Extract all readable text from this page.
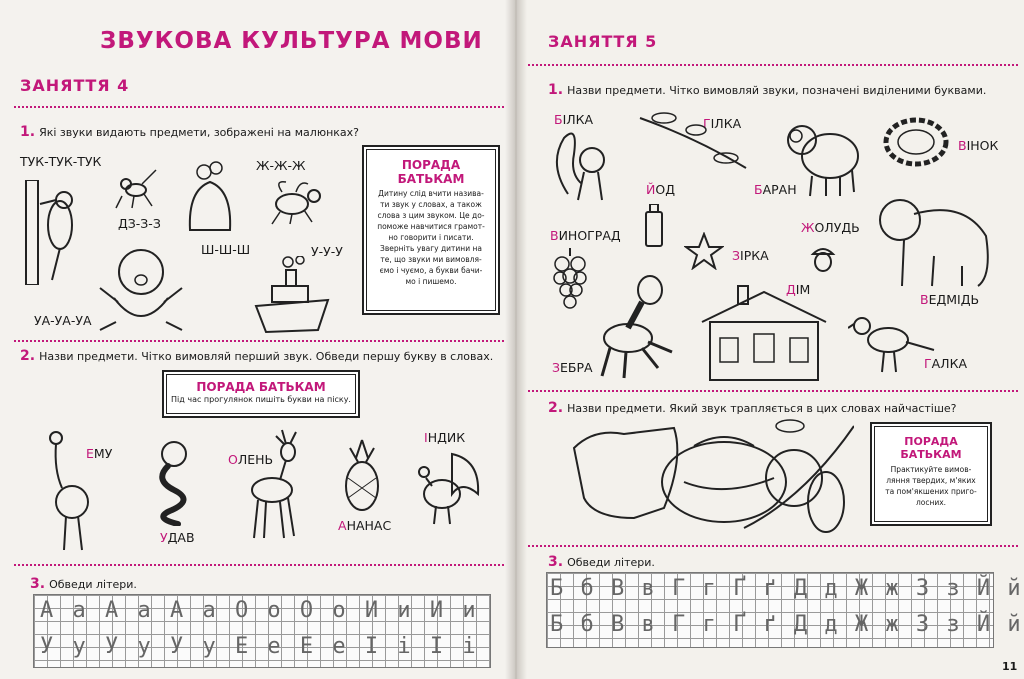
ЗВУКОВА КУЛЬТУРА МОВИ
ЗАНЯТТЯ 4
1. Які звуки видають предмети, зображені на малюнках?
ТУК-ТУК-ТУК
ДЗ-З-З
Ш-Ш-Ш
Ж-Ж-Ж
У-У-У
УА-УА-УА
ПОРАДА
БАТЬКАМ
Дитину слід вчити назива-
ти звук у словах, а також
слова з цим звуком. Це до-
поможе навчитися грамот-
но говорити і писати.
Зверніть увагу дитини на
те, що звуки ми вимовля-
ємо і чуємо, а букви бачи-
мо і пишемо.
2. Назви предмети. Чітко вимовляй перший звук. Обведи першу букву в словах.
ПОРАДА БАТЬКАМ
Під час прогулянок пишіть букви на піску.
ЕМУ
УДАВ
ОЛЕНЬ
АНАНАС
ІНДИК
3. Обведи літери.
А а А а А а О о О о И и И и
У у У у У у Е е Е е І і І і
ЗАНЯТТЯ 5
1. Назви предмети. Чітко вимовляй звуки, позначені виділеними буквами.
БІЛКА	ГІЛКА
ВІНОК
ЙОД	БАРАН
ЖОЛУДЬ
ВИНОГРАД
ЗІРКА
ДІМ
ВЕДМІДЬ
ЗЕБРА	ГАЛКА
2. Назви предмети. Який звук трапляється в цих словах найчастіше?
ПОРАДА
БАТЬКАМ
Практикуйте вимов-
ляння твердих, м'яких
та пом'якшених приго-
лосних.
3. Обведи літери.
Б б В в Г г Ґ ґ Д д Ж ж З з Й й
Б б В в Г г Ґ ґ Д д Ж ж З з Й й
11
